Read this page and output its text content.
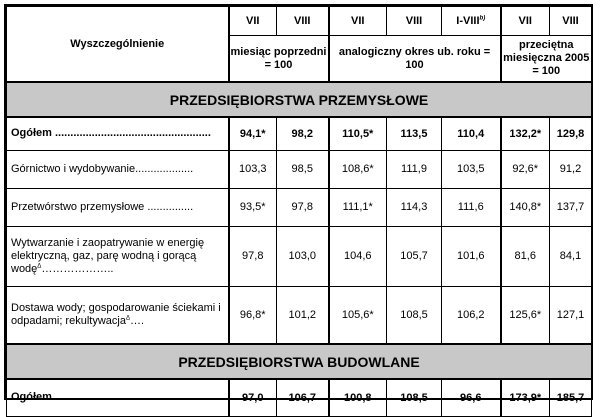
Wyszczególnienie	VII	VIII	VII	VIII	I-VIII$^{b)}$	VII	VIII
	miesiąc poprzedni = 100		analogiczny okres ub. roku = 100			przeciętna miesięczna 2005 = 100	
PRZEDSIĘBIORSTWA PRZEMYSŁOWE							
Ogółem ...................................................	94,1*	98,2	110,5*	113,5	110,4	132,2*	129,8
Górnictwo i wydobywanie...................	103,3	98,5	108,6*	111,9	103,5	92,6*	91,2
Przetwórstwo przemysłowe ...............	93,5*	97,8	111,1*	114,3	111,6	140,8*	137,7
Wytwarzanie i zaopatrywanie w energię elektryczną, gaz, parę wodną i gorącą wodę$^\Delta$………………..	97,8	103,0	104,6	105,7	101,6	81,6	84,1
Dostawa wody; gospodarowanie ściekami i odpadami; rekultywacja$^\Delta$….	96,8*	101,2	105,6*	108,5	106,2	125,6*	127,1
PRZEDSIĘBIORSTWA BUDOWLANE							
Ogółem ...................................................	97,0	106,7	100,8	108,5	96,6	173,9*	185,7
